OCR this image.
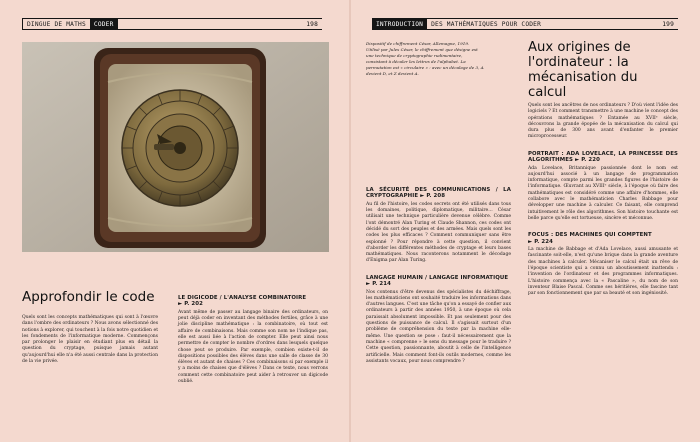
DINGUE DE MATHS	CODER	198
Approfondir le code

Quels sont les concepts mathématiques qui sont à l'œuvre dans l'ombre des ordinateurs ? Nous avons sélectionné des notions à explorer, qui touchent à la fois notre quotidien et les fondements de l'informatique moderne. Commençons par prolonger le plaisir en étudiant plus en détail la question du cryptage, puisque jamais autant qu'aujourd'hui elle n'a été aussi centrale dans la protection de la vie privée.

LE DIGICODE / L'ANALYSE COMBINATOIRE
► P. 202

Avant même de passer au langage binaire des ordinateurs, on peut déjà coder en inventant des méthodes fertiles, grâce à une jolie discipline mathématique : la combinatoire, où tout est affaire de combinaisons. Mais comme son nom ne l'indique pas, elle est aussi liée à l'action de compter. Elle peut ainsi nous permettre de compter le nombre d'ordres dans lesquels quelque chose peut se produire. Par exemple, combien existe-t-il de dispositions possibles des élèves dans une salle de classe de 30 élèves et autant de chaises ? Ces combinaisons si par exemple il y a moins de chaises que d'élèves ? Dans ce texte, nous verrons comment cette combinatoire peut aider à retrouver un digicode oublié.

INTRODUCTION	DES MATHÉMATIQUES POUR CODER	199

Dispositif de chiffrement César, Allemagne, 1919. Utilisé par Jules César, le chiffrement que désigne est une technique de cryptographie rudimentaire, consistant à décaler les lettres de l'alphabet. La permutation est « circulaire » : avec un décalage de 3, A devient D, et Z devient A.

Aux origines de l'ordinateur : la mécanisation du calcul
LA SÉCURITÉ DES COMMUNICATIONS / LA CRYPTOGRAPHIE ► P. 208

Au fil de l'histoire, les codes secrets ont été utilisés dans tous les domaines, politique, diplomatique, militaire… César utilisait une technique particulière devenue célèbre. Comme l'ont démontré Alan Turing et Claude Shannon, ces codes ont décidé du sort des peuples et des armées. Mais quels sont les codes les plus efficaces ? Comment communiquer sans être espionné ? Pour répondre à cette question, il convient d'aborder les différentes méthodes de cryptage et leurs bases mathématiques. Nous raconterons notamment le décodage d'Enigma par Alan Turing.

LANGAGE HUMAIN / LANGAGE INFORMATIQUE
► P. 214

Nos contenus d'être devenus des spécialistes du déchiffrage, les mathématiciens ont souhaité traduire les informations dans d'autres langues. C'est une tâche qu'on a essayé de confier aux ordinateurs à partir des années 1950, à une époque où cela paraissait absolument impossible. Et pas seulement pour des questions de puissance de calcul. Il s'agissait surtout d'un problème de compréhension du texte par la machine elle-même. Une question se pose : faut-il nécessairement que la machine « comprenne » le sens du message pour le traduire ? Cette question, passionnante, aboutit à celle de l'intelligence artificielle. Mais comment font-ils outils modernes, comme les assistants vocaux, pour nous comprendre ?

Quels sont les ancêtres de nos ordinateurs ? D'où vient l'idée des logiciels ? Et comment transmettre à une machine le concept des opérations mathématiques ? Entamée au XVIIᵉ siècle, découvrons la grande épopée de la mécanisation du calcul qui dura plus de 300 ans avant d'enfanter le premier microprocesseur.

PORTRAIT : ADA LOVELACE, LA PRINCESSE DES ALGORITHMES ► P. 220

Ada Lovelace, Britannique passionnée dont le nom est aujourd'hui associé à un langage de programmation informatique, compte parmi les grandes figures de l'histoire de l'informatique. Œuvrant au XVIIIᵉ siècle, à l'époque où faire des mathématiques est considéré comme une affaire d'hommes, elle collabore avec le mathématicien Charles Babbage pour développer une machine à calculer. Ce faisant, elle comprend intuitivement le rôle des algorithmes. Son histoire touchante est belle parce qu'elle est tortueuse, sincère et méconnue.

FOCUS : DES MACHINES QUI COMPTENT
► P. 224

La machine de Babbage et d'Ada Lovelace, aussi amusante et fascinante soit-elle, n'est qu'une brique dans la grande aventure des machines à calculer. Mécaniser le calcul était un rêve de l'époque scientiste qui a connu un aboutissement inattendu : l'invention de l'ordinateur et des programmes informatiques. L'histoire commença avec la « Pascaline », du nom de son inventeur Blaise Pascal. Comme ses héritières, elle fascine tant par son fonctionnement que par sa beauté et son ingéniosité.
